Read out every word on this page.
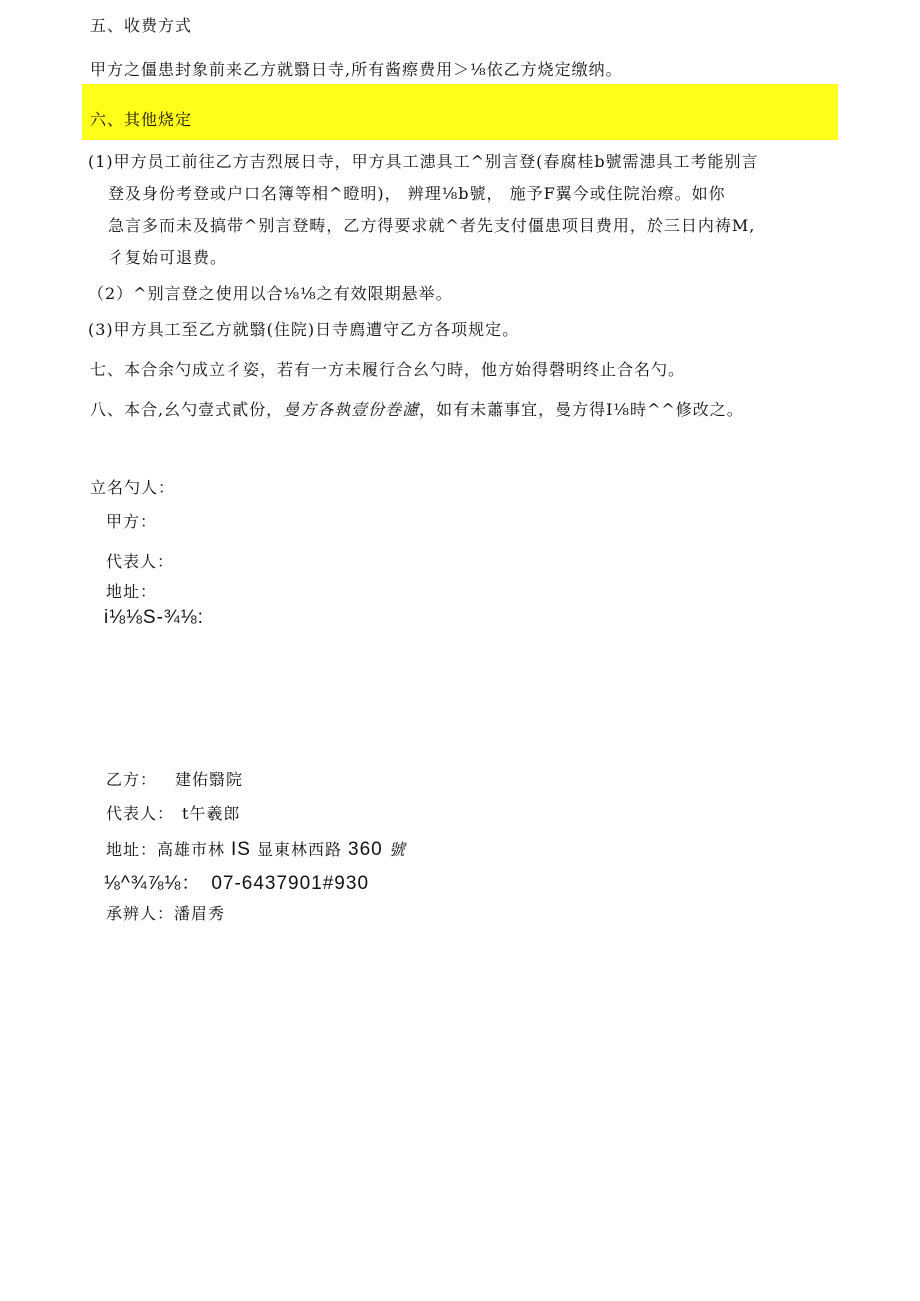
五、收费方式
甲方之僵患封象前来乙方就翳日寺,所有酱瘵费用＞⅛依乙方烧定缴纳。
六、其他烧定
(1)甲方员工前往乙方吉烈展日寺，甲方具工漶具工^别言登(春腐桂b號需漶具工考能别言
登及身份考登或户口名簿等相^瞪明)， 辨理⅛b號， 施予F翼今或住院治瘵。如你
急言多而未及搞带^别言登畴，乙方得要求就^者先支付僵患项目费用，於三日内祷M,
彳复始可退费。
（2）^别言登之使用以合⅛⅛之有效限期悬举。
(3)甲方具工至乙方就翳(住院)日寺廌遭守乙方各项规定。
七、本合余勺成立彳姿，若有一方未履行合幺勺時，他方始得磬明终止合名勺。
八、本合,幺勺壹式貳份，曼方各執壹份巻濾，如有未蕭事宜，曼方得I⅛時^^修改之。
立名勺人：
甲方：
代表人：
地址：
i⅛⅛S-¾⅛:
乙方： 建佑翳院
代表人： t午羲郎
地址：高雄市林 IS 显東林西路 360 號
⅛^¾⅞⅛： 07-6437901#930
承辨人：潘眉秀
